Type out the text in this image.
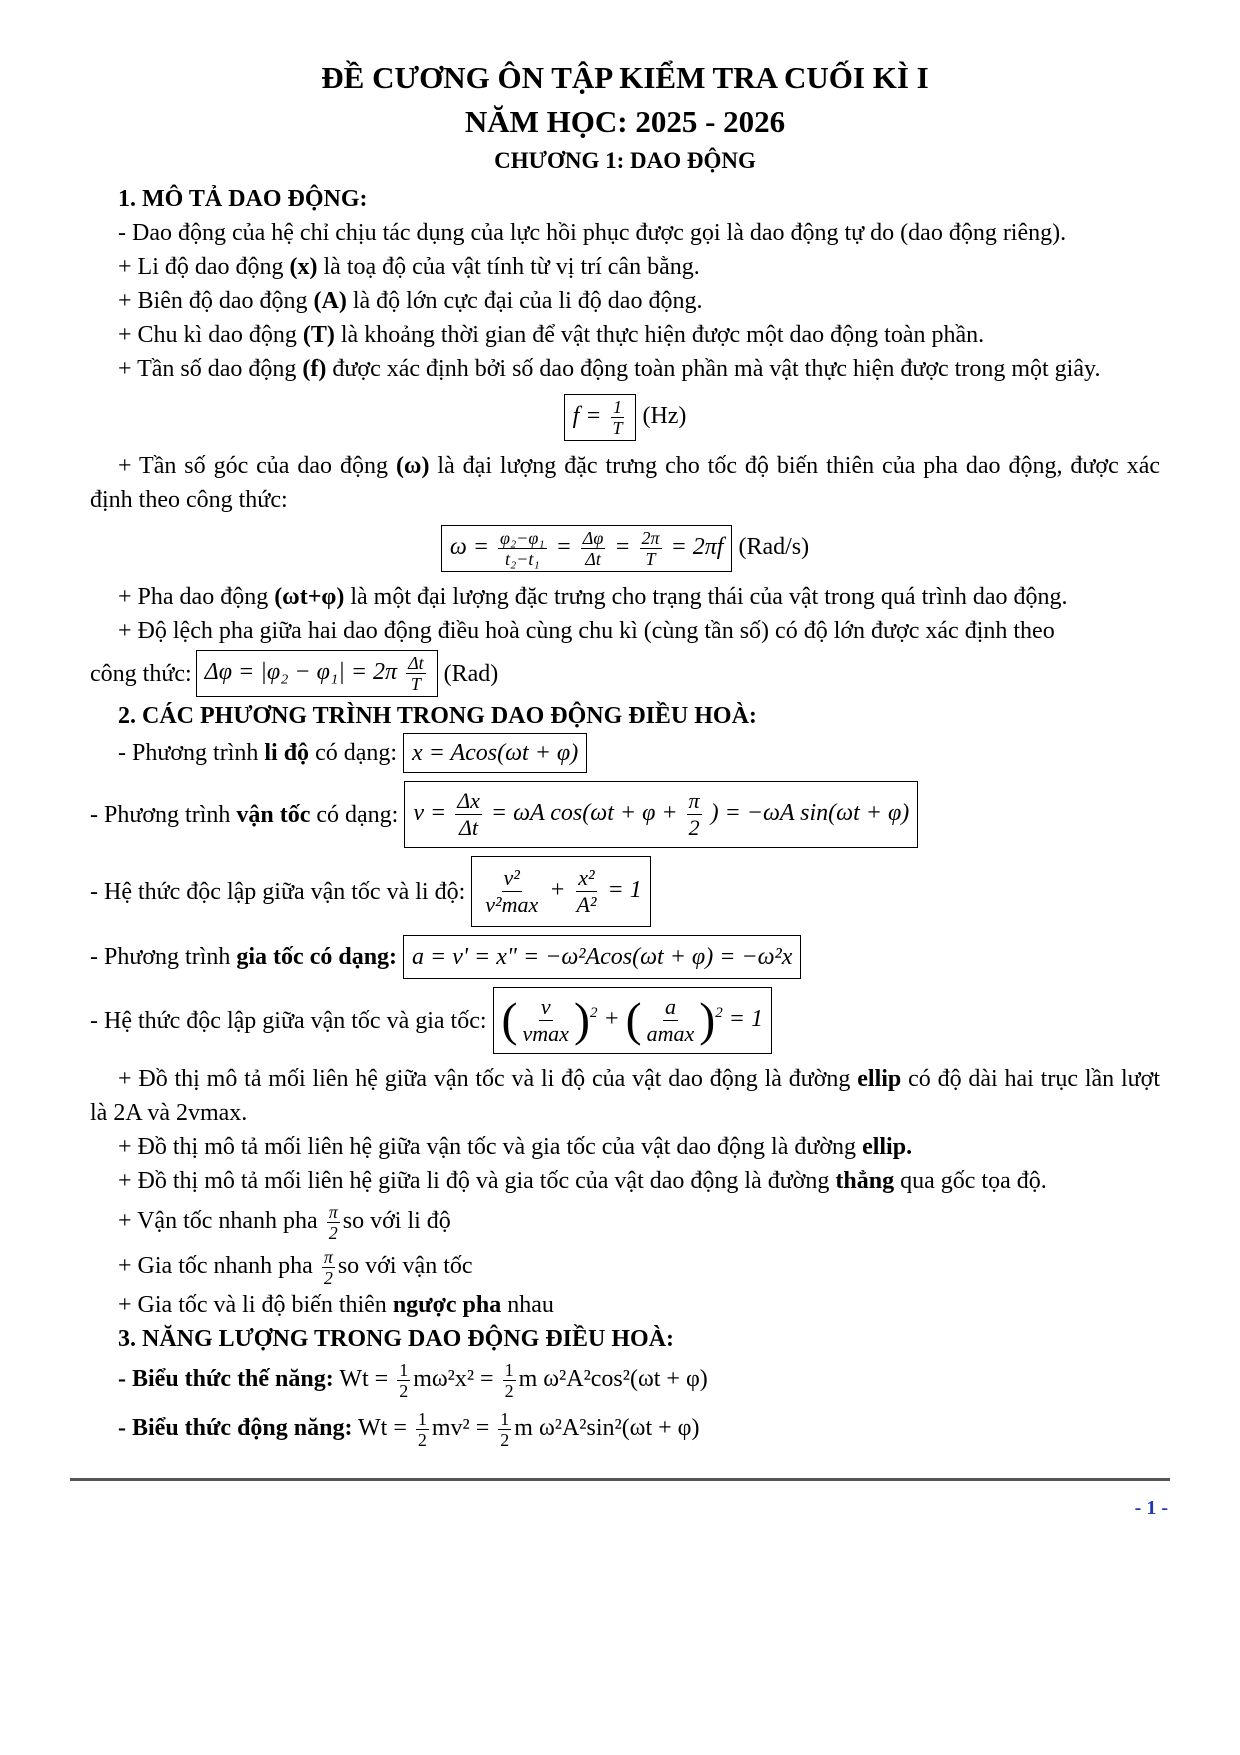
ĐỀ CƯƠNG ÔN TẬP KIỂM TRA CUỐI KÌ I
NĂM HỌC: 2025 - 2026
CHƯƠNG 1: DAO ĐỘNG
1. MÔ TẢ DAO ĐỘNG:
- Dao động của hệ chỉ chịu tác dụng của lực hồi phục được gọi là dao động tự do (dao động riêng).
+ Li độ dao động (x) là toạ độ của vật tính từ vị trí cân bằng.
+ Biên độ dao động (A) là độ lớn cực đại của li độ dao động.
+ Chu kì dao động (T) là khoảng thời gian để vật thực hiện được một dao động toàn phần.
+ Tần số dao động (f) được xác định bởi số dao động toàn phần mà vật thực hiện được trong một giây.
$f = \frac{1}{T} (Hz)$
+ Tần số góc của dao động (ω) là đại lượng đặc trưng cho tốc độ biến thiên của pha dao động, được xác định theo công thức:
$\omega = \frac{\text{φ₂−φ₁}}{\text{t₂−t₁}} = \frac{\Delta\varphi}{\Delta t} = \frac{2\pi}{T} = 2\pi f$ (Rad/s)
+ Pha dao động (ωt+φ) là một đại lượng đặc trưng cho trạng thái của vật trong quá trình dao động.
+ Độ lệch pha giữa hai dao động điều hoà cùng chu kì (cùng tần số) có độ lớn được xác định theo
công thức: $\Delta\varphi = |\varphi_2 - \varphi_1| = 2\pi \frac{\Delta t}{T} (Rad)$
2. CÁC PHƯƠNG TRÌNH TRONG DAO ĐỘNG ĐIỀU HOÀ:
- Phương trình li độ có dạng: x = Acos(ωt + φ)
- Phương trình vận tốc có dạng: $v = \frac{\Delta x}{\Delta t} = \omega A$ $\cos(\omega t + \varphi + \frac{\pi}{2}$ ) = −ωA sin(ωt + φ)
- Hệ thức độc lập giữa vận tốc và li độ: $\frac{\text{v²}}{\text{v²max}} + \frac{\text{x²}}{\text{A²}} = 1$
- Phương trình gia tốc có dạng: a = v' = x" = −ω²Acos(ωt + φ) = −ω²x
- Hệ thức độc lập giữa vận tốc và gia tốc: ( $\frac{v}{vmax} )^2$ + ( $\frac{a}{amax} )^2 = 1$
+ Đồ thị mô tả mối liên hệ giữa vận tốc và li độ của vật dao động là đường ellip có độ dài hai trục lần lượt là 2A và 2vmax.
+ Đồ thị mô tả mối liên hệ giữa vận tốc và gia tốc của vật dao động là đường ellip.
+ Đồ thị mô tả mối liên hệ giữa li độ và gia tốc của vật dao động là đường thẳng qua gốc tọa độ.
+ Vận tốc nhanh pha $\frac{\pi}{2}$ so với li độ
+ Gia tốc nhanh pha $\frac{\pi}{2}$ so với vận tốc
+ Gia tốc và li độ biến thiên ngược pha nhau
3. NĂNG LƯỢNG TRONG DAO ĐỘNG ĐIỀU HOÀ:
- Biểu thức thế năng: $Wt = \frac{1}{2} m\omega^2x^2 = \frac{1}{2}$ m ω²A²cos²(ωt + φ)
- Biểu thức động năng: $Wt = \frac{1}{2} mv^2 = \frac{1}{2}$ m ω²A²sin²(ωt + φ)
- 1 -
